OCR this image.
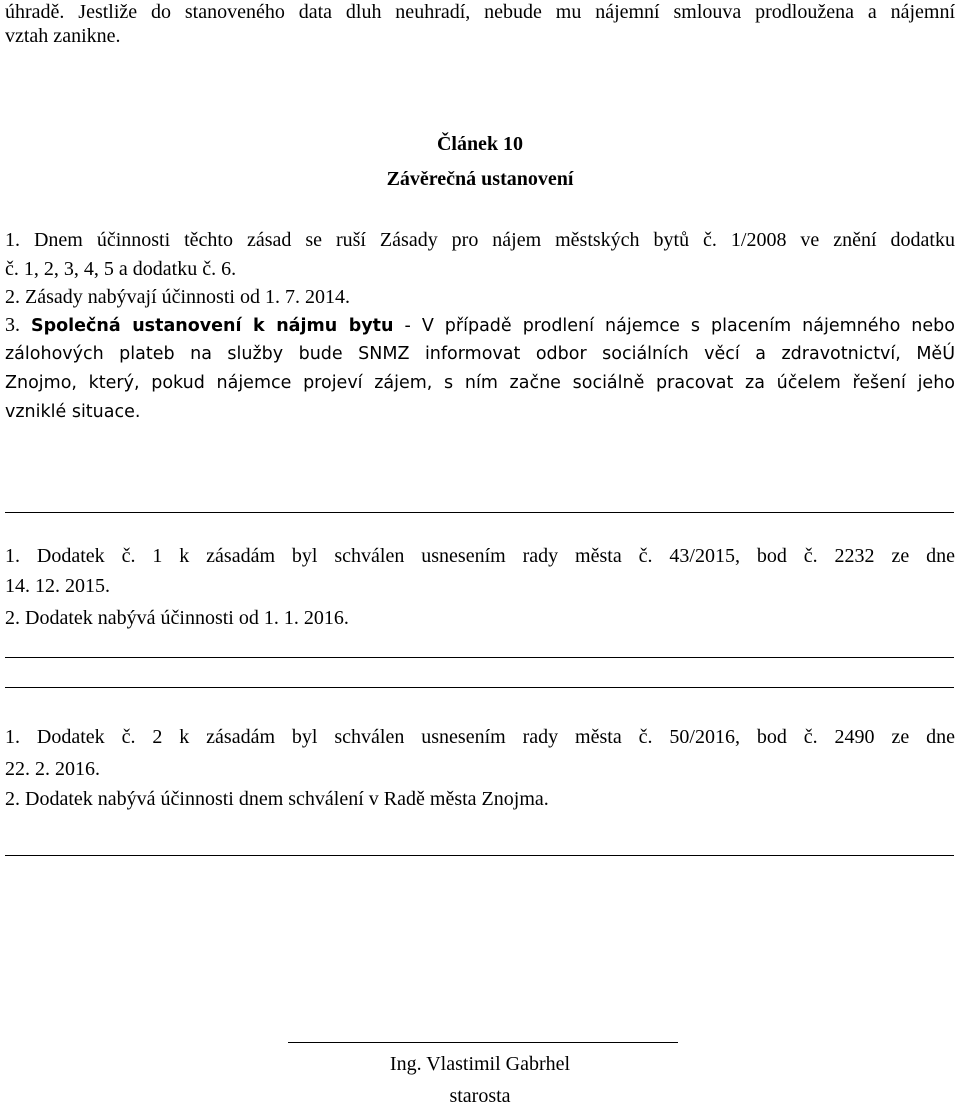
úhradě. Jestliže do stanoveného data dluh neuhradí, nebude mu nájemní smlouva prodloužena a nájemní
vztah zanikne.
Článek 10
Závěrečná ustanovení
1. Dnem účinnosti těchto zásad se ruší Zásady pro nájem městských bytů č. 1/2008 ve znění dodatku
č. 1, 2, 3, 4, 5 a dodatku č. 6.
2. Zásady nabývají účinnosti od 1. 7. 2014.
3. Společná ustanovení k nájmu bytu - V případě prodlení nájemce s placením nájemného nebo
zálohových plateb na služby bude SNMZ informovat odbor sociálních věcí a zdravotnictví, MěÚ
Znojmo, který, pokud nájemce projeví zájem, s ním začne sociálně pracovat za účelem řešení jeho
vzniklé situace.
1. Dodatek č. 1 k zásadám byl schválen usnesením rady města č. 43/2015, bod č. 2232 ze dne
14. 12. 2015.
2. Dodatek nabývá účinnosti od 1. 1. 2016.
1. Dodatek č. 2 k zásadám byl schválen usnesením rady města č. 50/2016, bod č. 2490 ze dne
22. 2. 2016.
2. Dodatek nabývá účinnosti dnem schválení v Radě města Znojma.
Ing. Vlastimil Gabrhel
starosta
